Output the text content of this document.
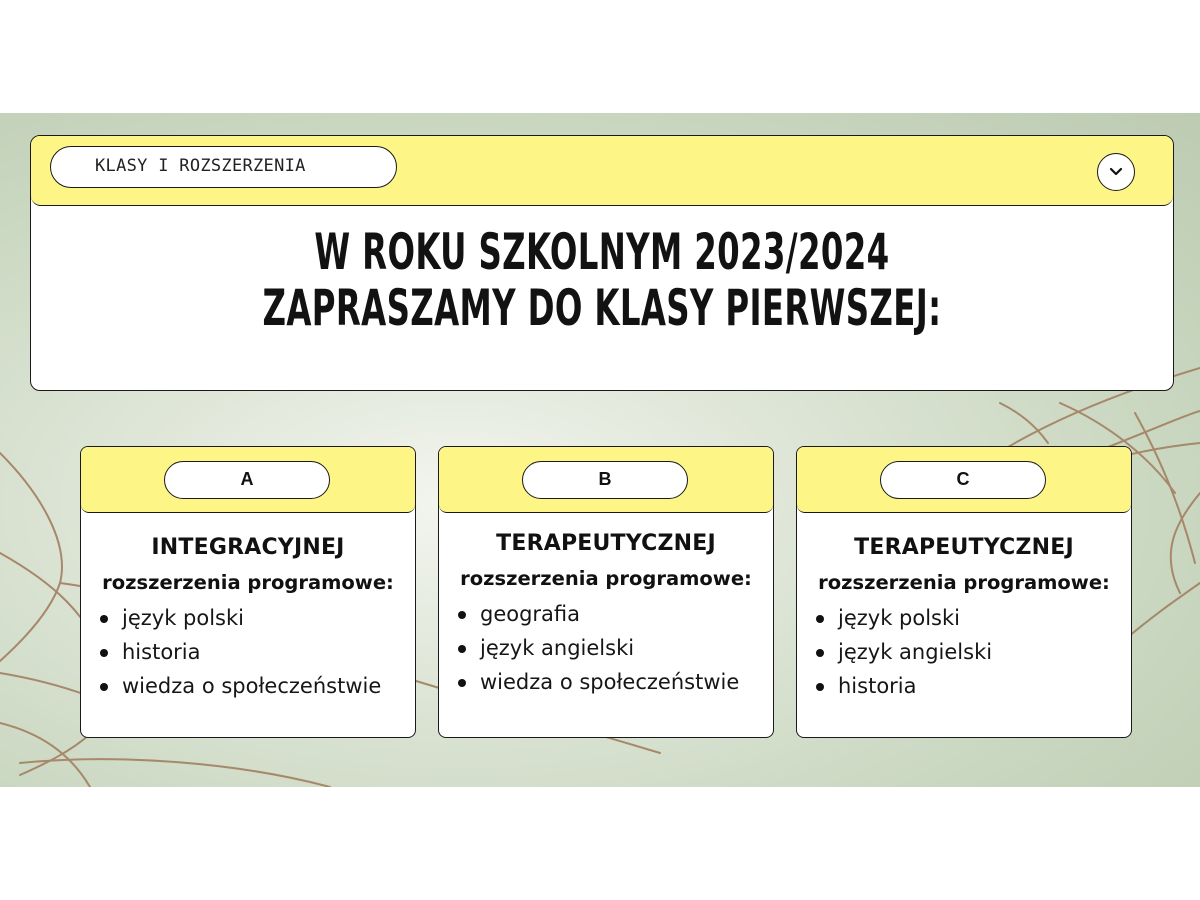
KLASY I ROZSZERZENIA
W ROKU SZKOLNYM 2023/2024
ZAPRASZAMY DO KLASY PIERWSZEJ:
A
INTEGRACYJNEJ
rozszerzenia programowe:
język polski
historia
wiedza o społeczeństwie
B
TERAPEUTYCZNEJ
rozszerzenia programowe:
geografia
język angielski
wiedza o społeczeństwie
C
TERAPEUTYCZNEJ
rozszerzenia programowe:
język polski
język angielski
historia
